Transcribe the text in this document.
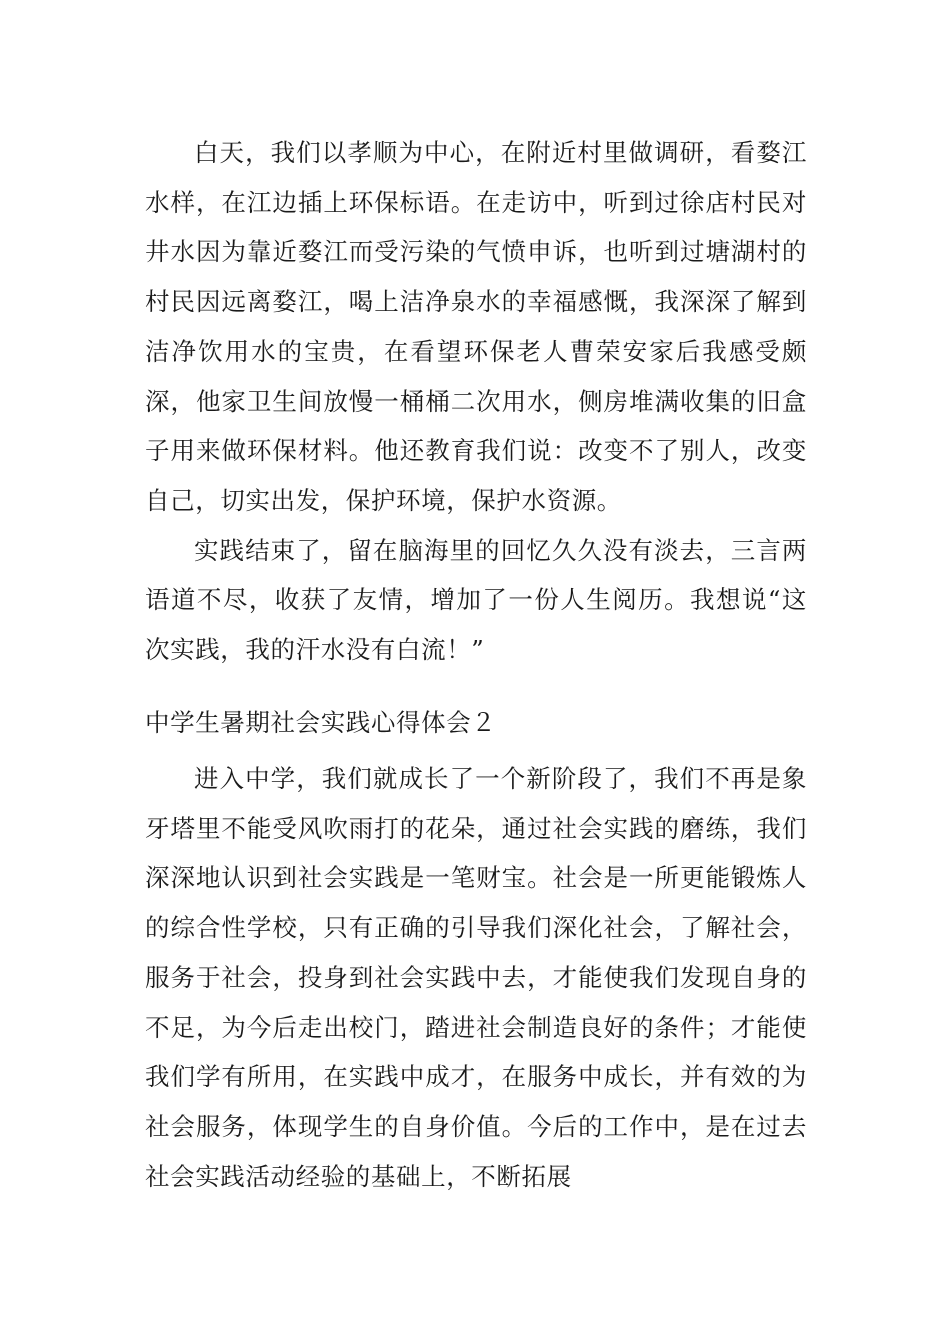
白天，我们以孝顺为中心，在附近村里做调研，看婺江水样，在江边插上环保标语。在走访中，听到过徐店村民对井水因为靠近婺江而受污染的气愤申诉，也听到过塘湖村的村民因远离婺江，喝上洁净泉水的幸福感慨，我深深了解到洁净饮用水的宝贵，在看望环保老人曹荣安家后我感受颇深，他家卫生间放慢一桶桶二次用水，侧房堆满收集的旧盒子用来做环保材料。他还教育我们说：改变不了别人，改变自己，切实出发，保护环境，保护水资源。

实践结束了，留在脑海里的回忆久久没有淡去，三言两语道不尽，收获了友情，增加了一份人生阅历。我想说“这次实践，我的汗水没有白流！”

中学生暑期社会实践心得体会２

进入中学，我们就成长了一个新阶段了，我们不再是象牙塔里不能受风吹雨打的花朵，通过社会实践的磨练，我们深深地认识到社会实践是一笔财宝。社会是一所更能锻炼人的综合性学校，只有正确的引导我们深化社会，了解社会，服务于社会，投身到社会实践中去，才能使我们发现自身的不足，为今后走出校门，踏进社会制造良好的条件；才能使我们学有所用，在实践中成才，在服务中成长，并有效的为社会服务，体现学生的自身价值。今后的工作中，是在过去社会实践活动经验的基础上，不断拓展
